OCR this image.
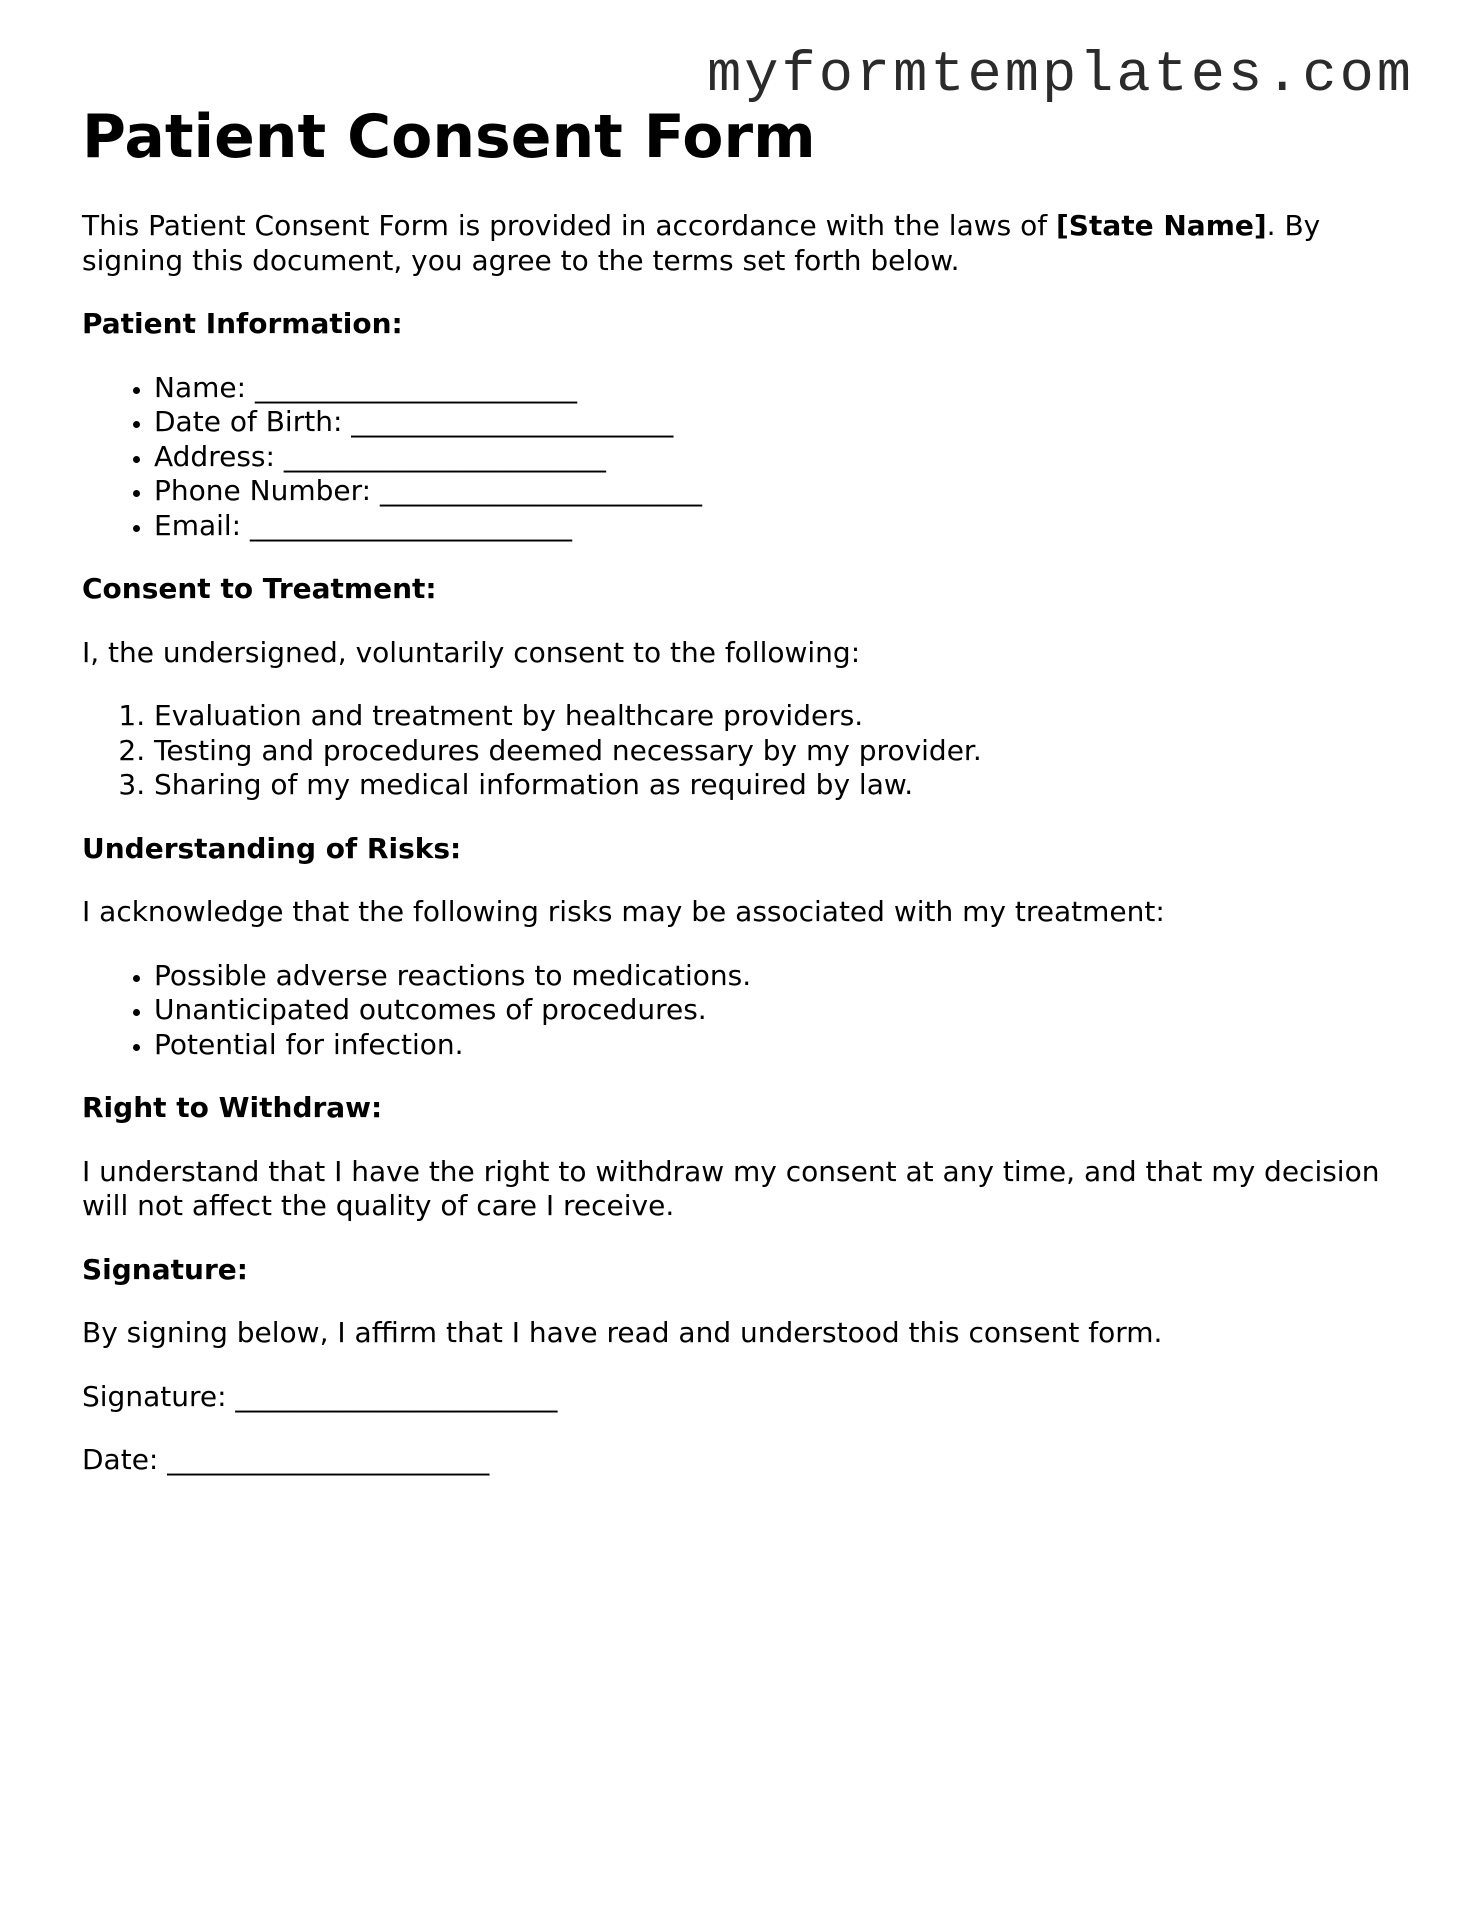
myformtemplates.com
Patient Consent Form

This Patient Consent Form is provided in accordance with the laws of [State Name]. By signing this document, you agree to the terms set forth below.

Patient Information:
• Name: _______________________
• Date of Birth: _______________________
• Address: _______________________
• Phone Number: _______________________
• Email: _______________________
Consent to Treatment:

I, the undersigned, voluntarily consent to the following:

1. Evaluation and treatment by healthcare providers.
2. Testing and procedures deemed necessary by my provider.
3. Sharing of my medical information as required by law.
Understanding of Risks:

I acknowledge that the following risks may be associated with my treatment:

• Possible adverse reactions to medications.
• Unanticipated outcomes of procedures.
• Potential for infection.
Right to Withdraw:

I understand that I have the right to withdraw my consent at any time, and that my decision will not affect the quality of care I receive.

Signature:

By signing below, I affirm that I have read and understood this consent form.

Signature: _______________________

Date: _______________________
